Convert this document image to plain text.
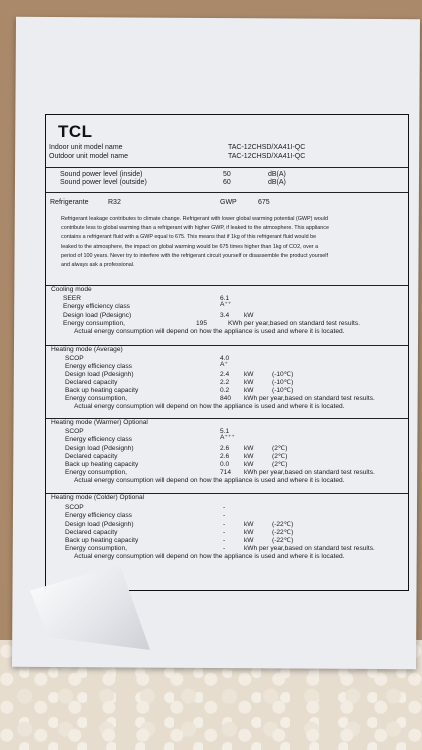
TCL
Indoor unit model name	TAC-12CHSD/XA41I-QC
Outdoor unit model name	TAC-12CHSD/XA41I-QC
Sound power level (inside)	50	dB(A)
Sound power level (outside)	60	dB(A)
Refrigerante	R32	GWP	675
Refrigerant leakage contributes to climate change. Refrigerant with lower global warming potential (GWP) would
contribute less to global warming than a refrigerant with higher GWP, if leaked to the atmosphere. This appliance
contains a refrigerant fluid with a GWP equal to 675. This means that if 1kg of this refrigerant fluid would be
leaked to the atmosphere, the impact on global warming would be 675 times higher than 1kg of CO2, over a
period of 100 years. Never try to interfere with the refrigerant circuit yourself or disassemble the product yourself
and always ask a professional.
Cooling mode
SEER	6.1
Energy efficiency class	A⁺⁺
Design load (Pdesignc)	3.4 kW
Energy consumption,	195	KWh per year,based on standard test results.
Actual energy consumption will depend on how the appliance is used and where it is located.
Heating mode (Average)
SCOP	4.0
Energy efficiency class	A⁺
Design load (Pdesignh)	2.4 kW	(-10℃)
Declared capacity	2.2 kW	(-10℃)
Back up heating capacity	0.2 kW	(-10℃)
Energy consumption,	840 kWh per year,based on standard test results.
Actual energy consumption will depend on how the appliance is used and where it is located.
Heating mode (Warmer) Optional
SCOP	5.1
Energy efficiency class	A⁺⁺⁺
Design load (Pdesignh)	2.6 kW	(2℃)
Declared capacity	2.6 kW	(2℃)
Back up heating capacity	0.0 kW	(2℃)
Energy consumption,	714 kWh per year,based on standard test results.
Actual energy consumption will depend on how the appliance is used and where it is located.
Heating mode (Colder) Optional
SCOP	-
Energy efficiency class	-
Design load (Pdesignh)	-	kW	(-22℃)
Declared capacity	-	kW	(-22℃)
Back up heating capacity	-	kW	(-22℃)
Energy consumption,	-	kWh per year,based on standard test results.
Actual energy consumption will depend on how the appliance is used and where it is located.
